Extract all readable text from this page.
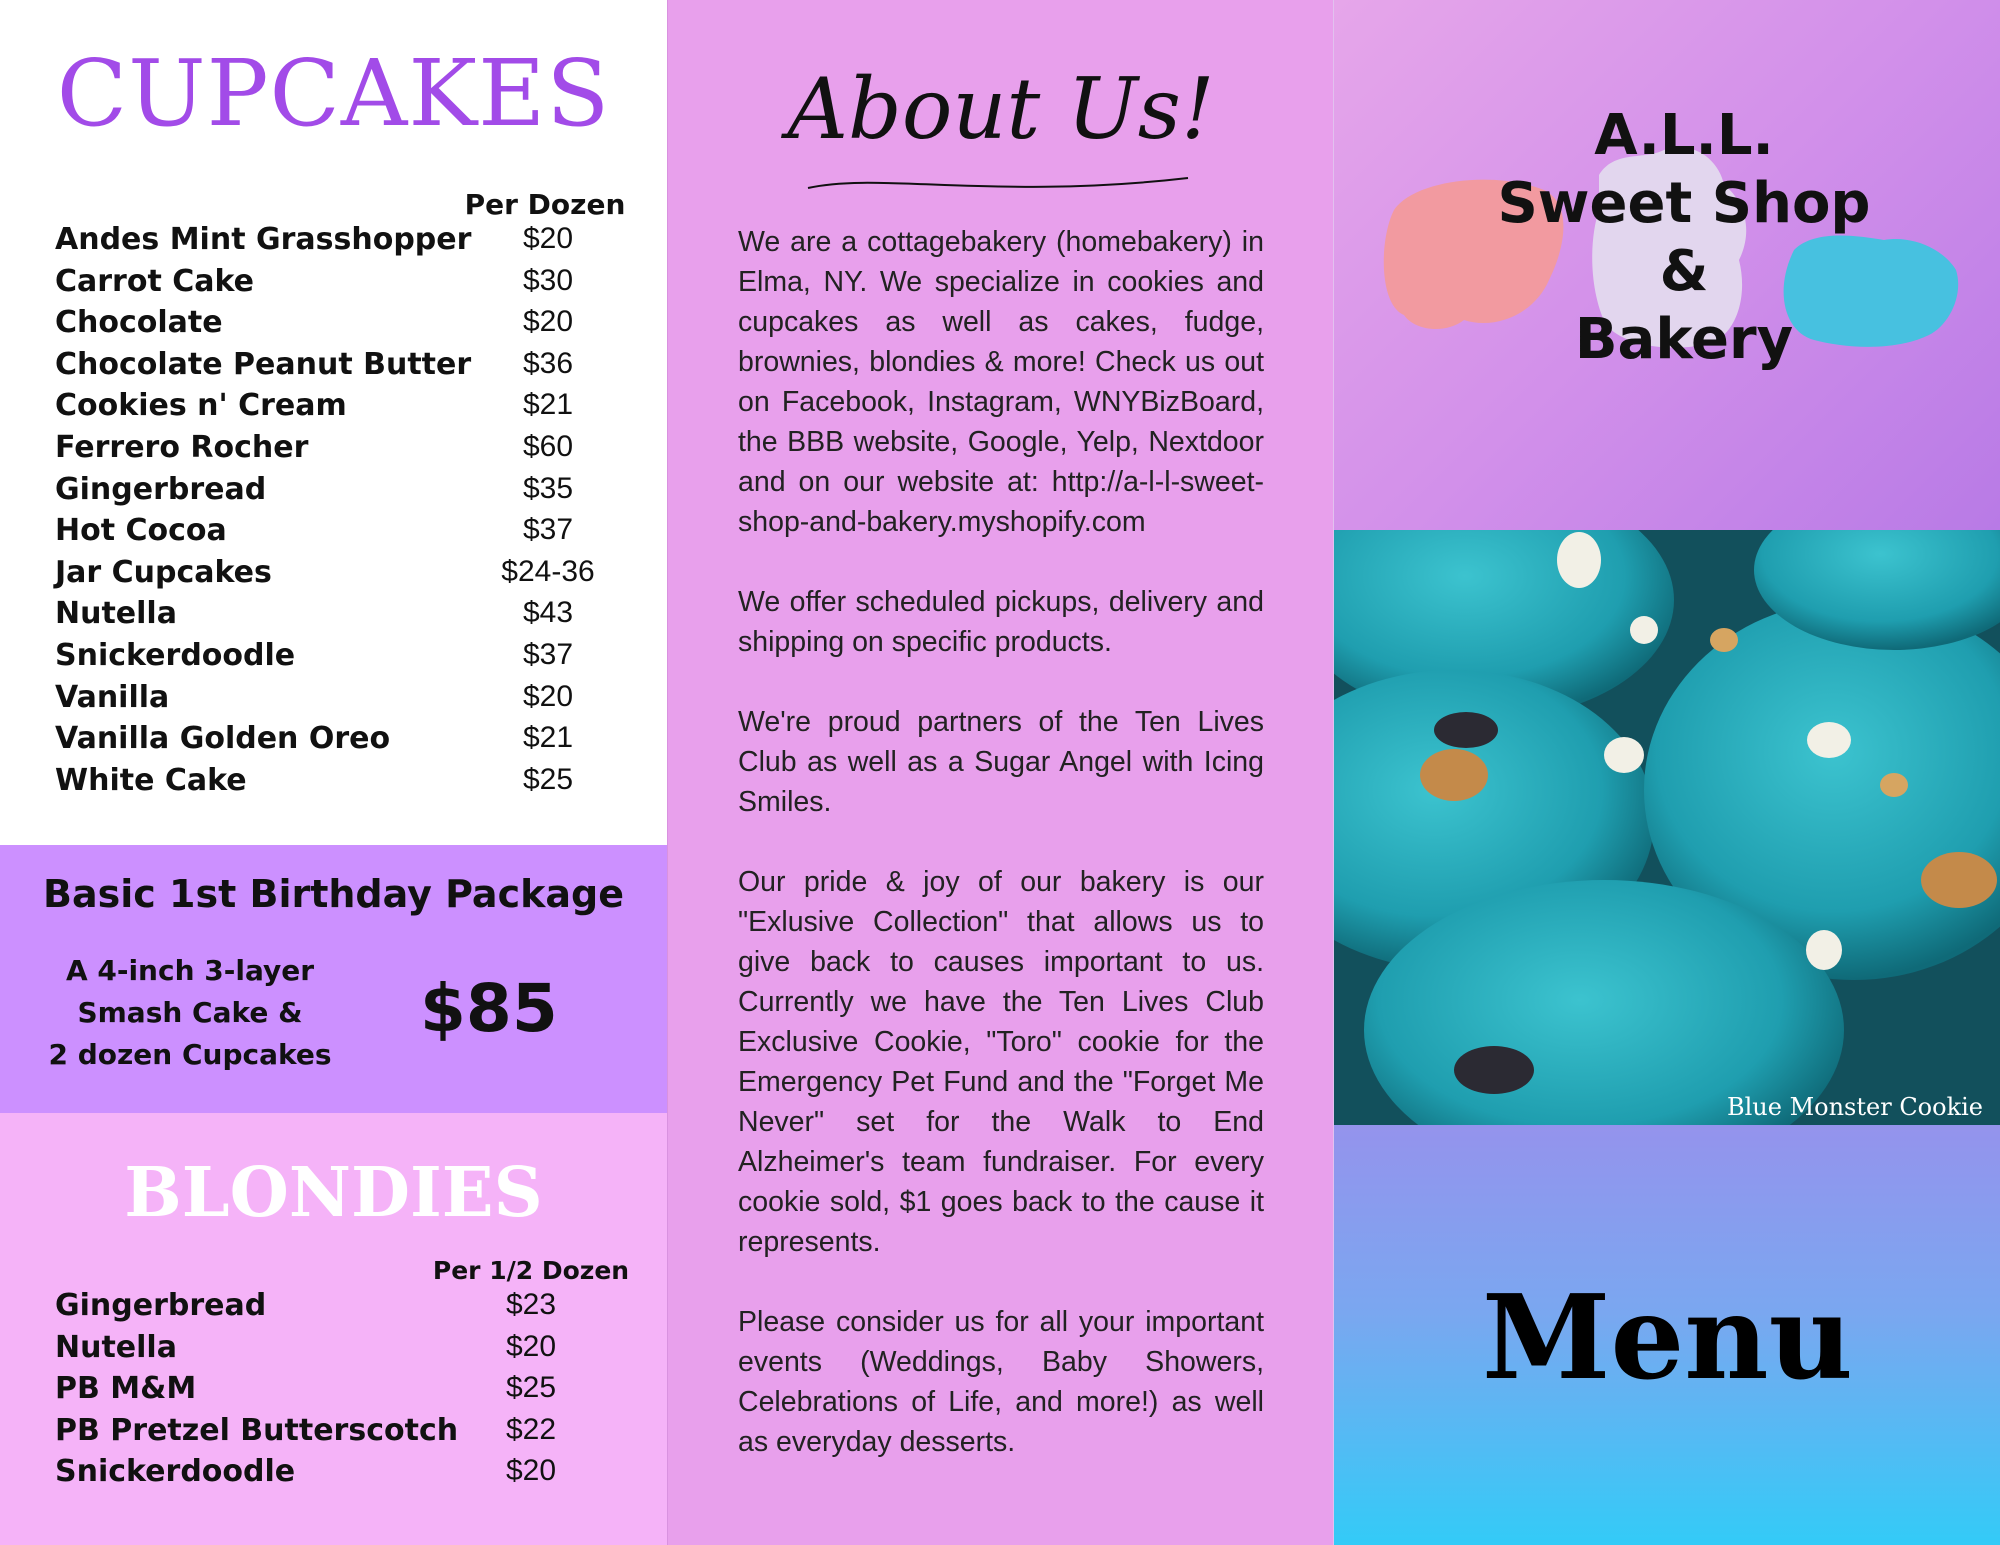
CUPCAKES
Per Dozen
Andes Mint Grasshopper	$20
Carrot Cake	$30
Chocolate	$20
Chocolate Peanut Butter	$36
Cookies n' Cream	$21
Ferrero Rocher	$60
Gingerbread	$35
Hot Cocoa	$37
Jar Cupcakes	$24-36
Nutella	$43
Snickerdoodle	$37
Vanilla	$20
Vanilla Golden Oreo	$21
White Cake	$25
Basic 1st Birthday Package
A 4-inch 3-layer
Smash Cake &
2 dozen Cupcakes
$85
BLONDIES
Per 1/2 Dozen
Gingerbread	$23
Nutella	$20
PB M&M	$25
PB Pretzel Butterscotch	$22
Snickerdoodle	$20
About Us!

We are a cottagebakery (homebakery) in Elma, NY. We specialize in cookies and cupcakes as well as cakes, fudge, brownies, blondies & more! Check us out on Facebook, Instagram, WNYBizBoard, the BBB website, Google, Yelp, Nextdoor and on our website at: http://a-l-l-sweet-shop-and-bakery.myshopify.com

We offer scheduled pickups, delivery and shipping on specific products.

We're proud partners of the Ten Lives Club as well as a Sugar Angel with Icing Smiles.

Our pride & joy of our bakery is our "Exlusive Collection" that allows us to give back to causes important to us. Currently we have the Ten Lives Club Exclusive Cookie, "Toro" cookie for the Emergency Pet Fund and the "Forget Me Never" set for the Walk to End Alzheimer's team fundraiser. For every cookie sold, $1 goes back to the cause it represents.

Please consider us for all your important events (Weddings, Baby Showers, Celebrations of Life, and more!) as well as everyday desserts.

A.L.L.
Sweet Shop
&
Bakery
Blue Monster Cookie
Menu
